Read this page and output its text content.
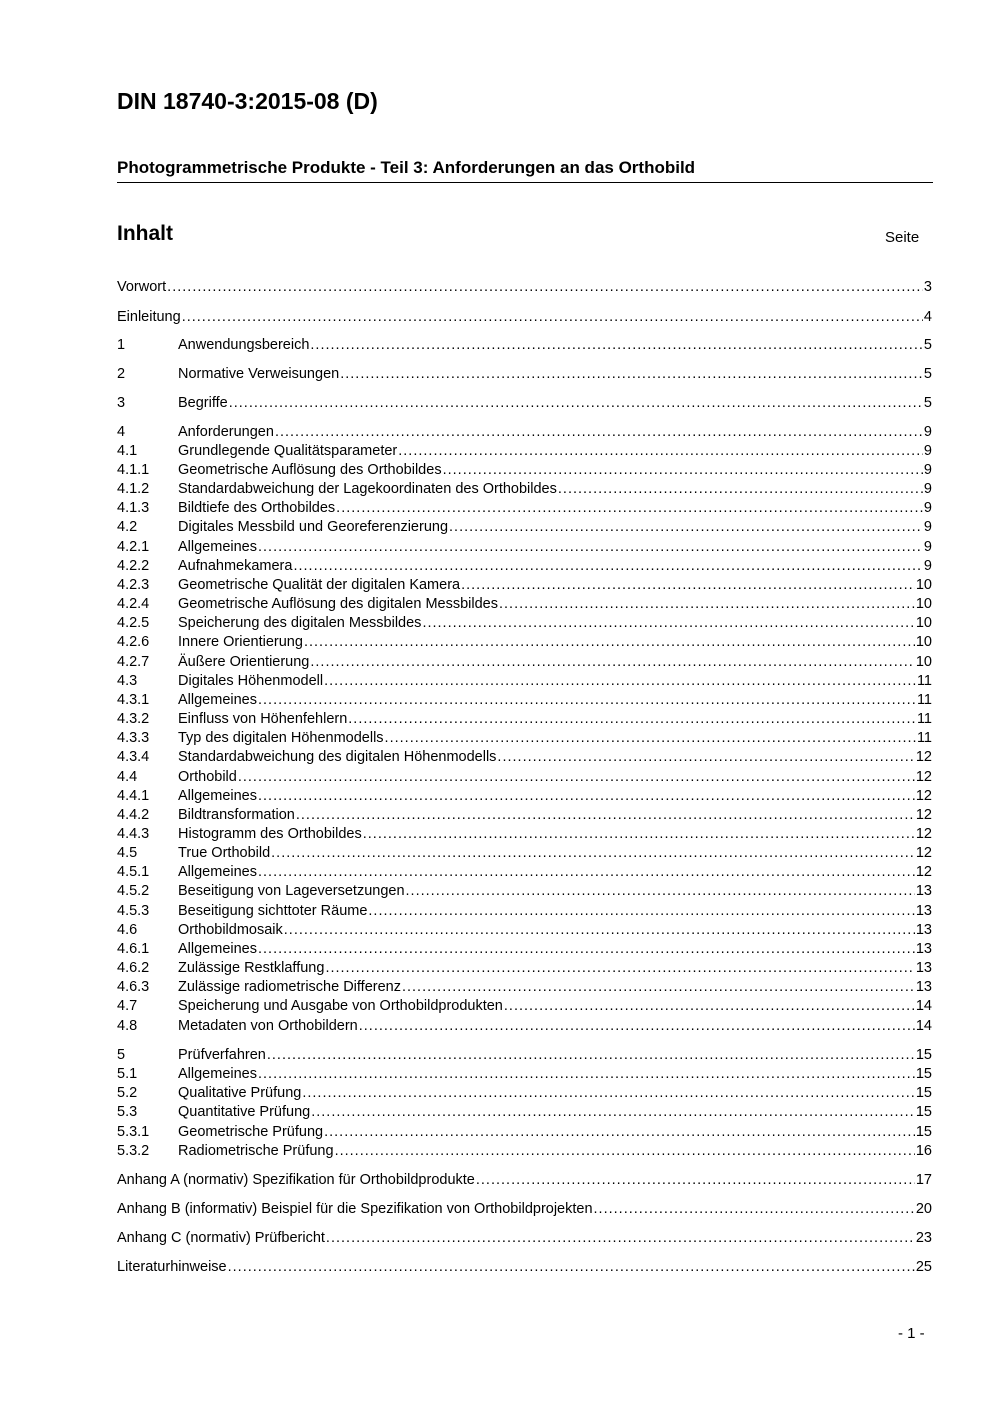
DIN 18740-3:2015-08 (D)
Photogrammetrische Produkte - Teil 3: Anforderungen an das Orthobild
Inhalt	Seite
Vorwort .....	3
Einleitung .....	4
1	Anwendungsbereich .....	5
2	Normative Verweisungen .....	5
3	Begriffe .....	5
4	Anforderungen .....	9
4.1	Grundlegende Qualitätsparameter .....	9
4.1.1	Geometrische Auflösung des Orthobildes .....	9
4.1.2	Standardabweichung der Lagekoordinaten des Orthobildes .....	9
4.1.3	Bildtiefe des Orthobildes .....	9
4.2	Digitales Messbild und Georeferenzierung .....	9
4.2.1	Allgemeines .....	9
4.2.2	Aufnahmekamera .....	9
4.2.3	Geometrische Qualität der digitalen Kamera .....	10
4.2.4	Geometrische Auflösung des digitalen Messbildes .....	10
4.2.5	Speicherung des digitalen Messbildes .....	10
4.2.6	Innere Orientierung .....	10
4.2.7	Äußere Orientierung .....	10
4.3	Digitales Höhenmodell .....	11
4.3.1	Allgemeines .....	11
4.3.2	Einfluss von Höhenfehlern .....	11
4.3.3	Typ des digitalen Höhenmodells .....	11
4.3.4	Standardabweichung des digitalen Höhenmodells .....	12
4.4	Orthobild .....	12
4.4.1	Allgemeines .....	12
4.4.2	Bildtransformation .....	12
4.4.3	Histogramm des Orthobildes .....	12
4.5	True Orthobild .....	12
4.5.1	Allgemeines .....	12
4.5.2	Beseitigung von Lageversetzungen .....	13
4.5.3	Beseitigung sichttoter Räume .....	13
4.6	Orthobildmosaik .....	13
4.6.1	Allgemeines .....	13
4.6.2	Zulässige Restklaffung .....	13
4.6.3	Zulässige radiometrische Differenz .....	13
4.7	Speicherung und Ausgabe von Orthobildprodukten .....	14
4.8	Metadaten von Orthobildern .....	14
5	Prüfverfahren .....	15
5.1	Allgemeines .....	15
5.2	Qualitative Prüfung .....	15
5.3	Quantitative Prüfung .....	15
5.3.1	Geometrische Prüfung .....	15
5.3.2	Radiometrische Prüfung .....	16
Anhang A (normativ) Spezifikation für Orthobildprodukte .....	17
Anhang B (informativ) Beispiel für die Spezifikation von Orthobildprojekten .....	20
Anhang C (normativ) Prüfbericht .....	23
Literaturhinweise .....	25
- 1 -
